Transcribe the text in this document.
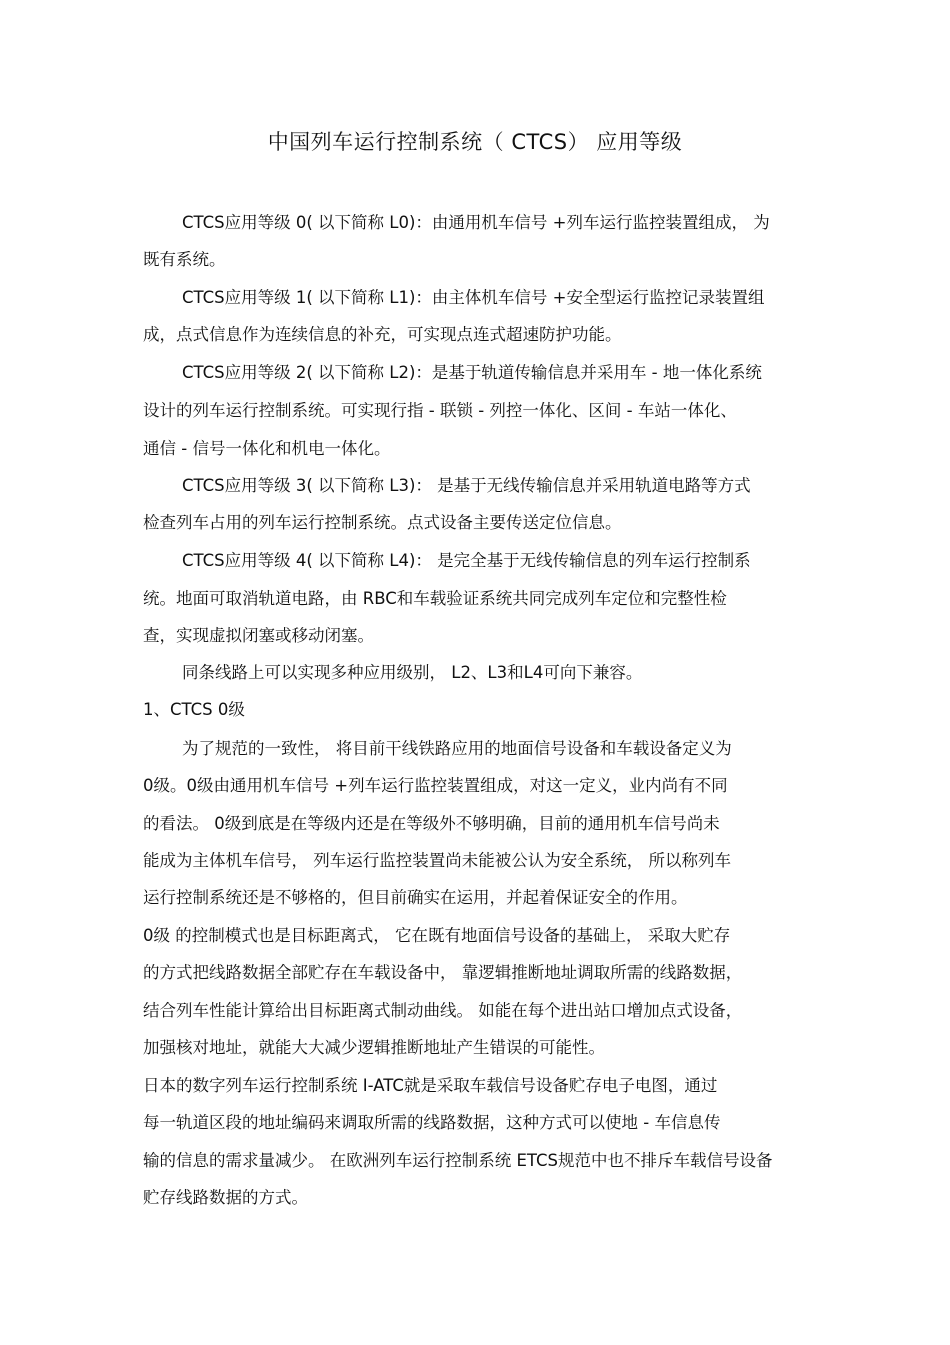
中国列车运行控制系统（ CTCS） 应用等级
CTCS应用等级 0( 以下简称 L0)：由通用机车信号 +列车运行监控装置组成， 为
既有系统。
CTCS应用等级 1( 以下简称 L1)：由主体机车信号 +安全型运行监控记录装置组
成，点式信息作为连续信息的补充，可实现点连式超速防护功能。
CTCS应用等级 2( 以下简称 L2)：是基于轨道传输信息并采用车 - 地一体化系统
设计的列车运行控制系统。可实现行指 - 联锁 - 列控一体化、区间 - 车站一体化、
通信 - 信号一体化和机电一体化。
CTCS应用等级 3( 以下简称 L3)： 是基于无线传输信息并采用轨道电路等方式
检查列车占用的列车运行控制系统。点式设备主要传送定位信息。
CTCS应用等级 4( 以下简称 L4)： 是完全基于无线传输信息的列车运行控制系
统。地面可取消轨道电路，由 RBC和车载验证系统共同完成列车定位和完整性检
查，实现虚拟闭塞或移动闭塞。
同条线路上可以实现多种应用级别， L2、L3和L4可向下兼容。
1、CTCS 0级
为了规范的一致性， 将目前干线铁路应用的地面信号设备和车载设备定义为
0级。0级由通用机车信号 +列车运行监控装置组成，对这一定义，业内尚有不同
的看法。 0级到底是在等级内还是在等级外不够明确，目前的通用机车信号尚未
能成为主体机车信号， 列车运行监控装置尚未能被公认为安全系统， 所以称列车
运行控制系统还是不够格的，但目前确实在运用，并起着保证安全的作用。
0级 的控制模式也是目标距离式， 它在既有地面信号设备的基础上， 采取大贮存
的方式把线路数据全部贮存在车载设备中， 靠逻辑推断地址调取所需的线路数据，
结合列车性能计算给出目标距离式制动曲线。 如能在每个进出站口增加点式设备，
加强核对地址，就能大大减少逻辑推断地址产生错误的可能性。
日本的数字列车运行控制系统 I-ATC就是采取车载信号设备贮存电子电图，通过
每一轨道区段的地址编码来调取所需的线路数据，这种方式可以使地 - 车信息传
输的信息的需求量减少。 在欧洲列车运行控制系统 ETCS规范中也不排斥车载信号设备
贮存线路数据的方式。
